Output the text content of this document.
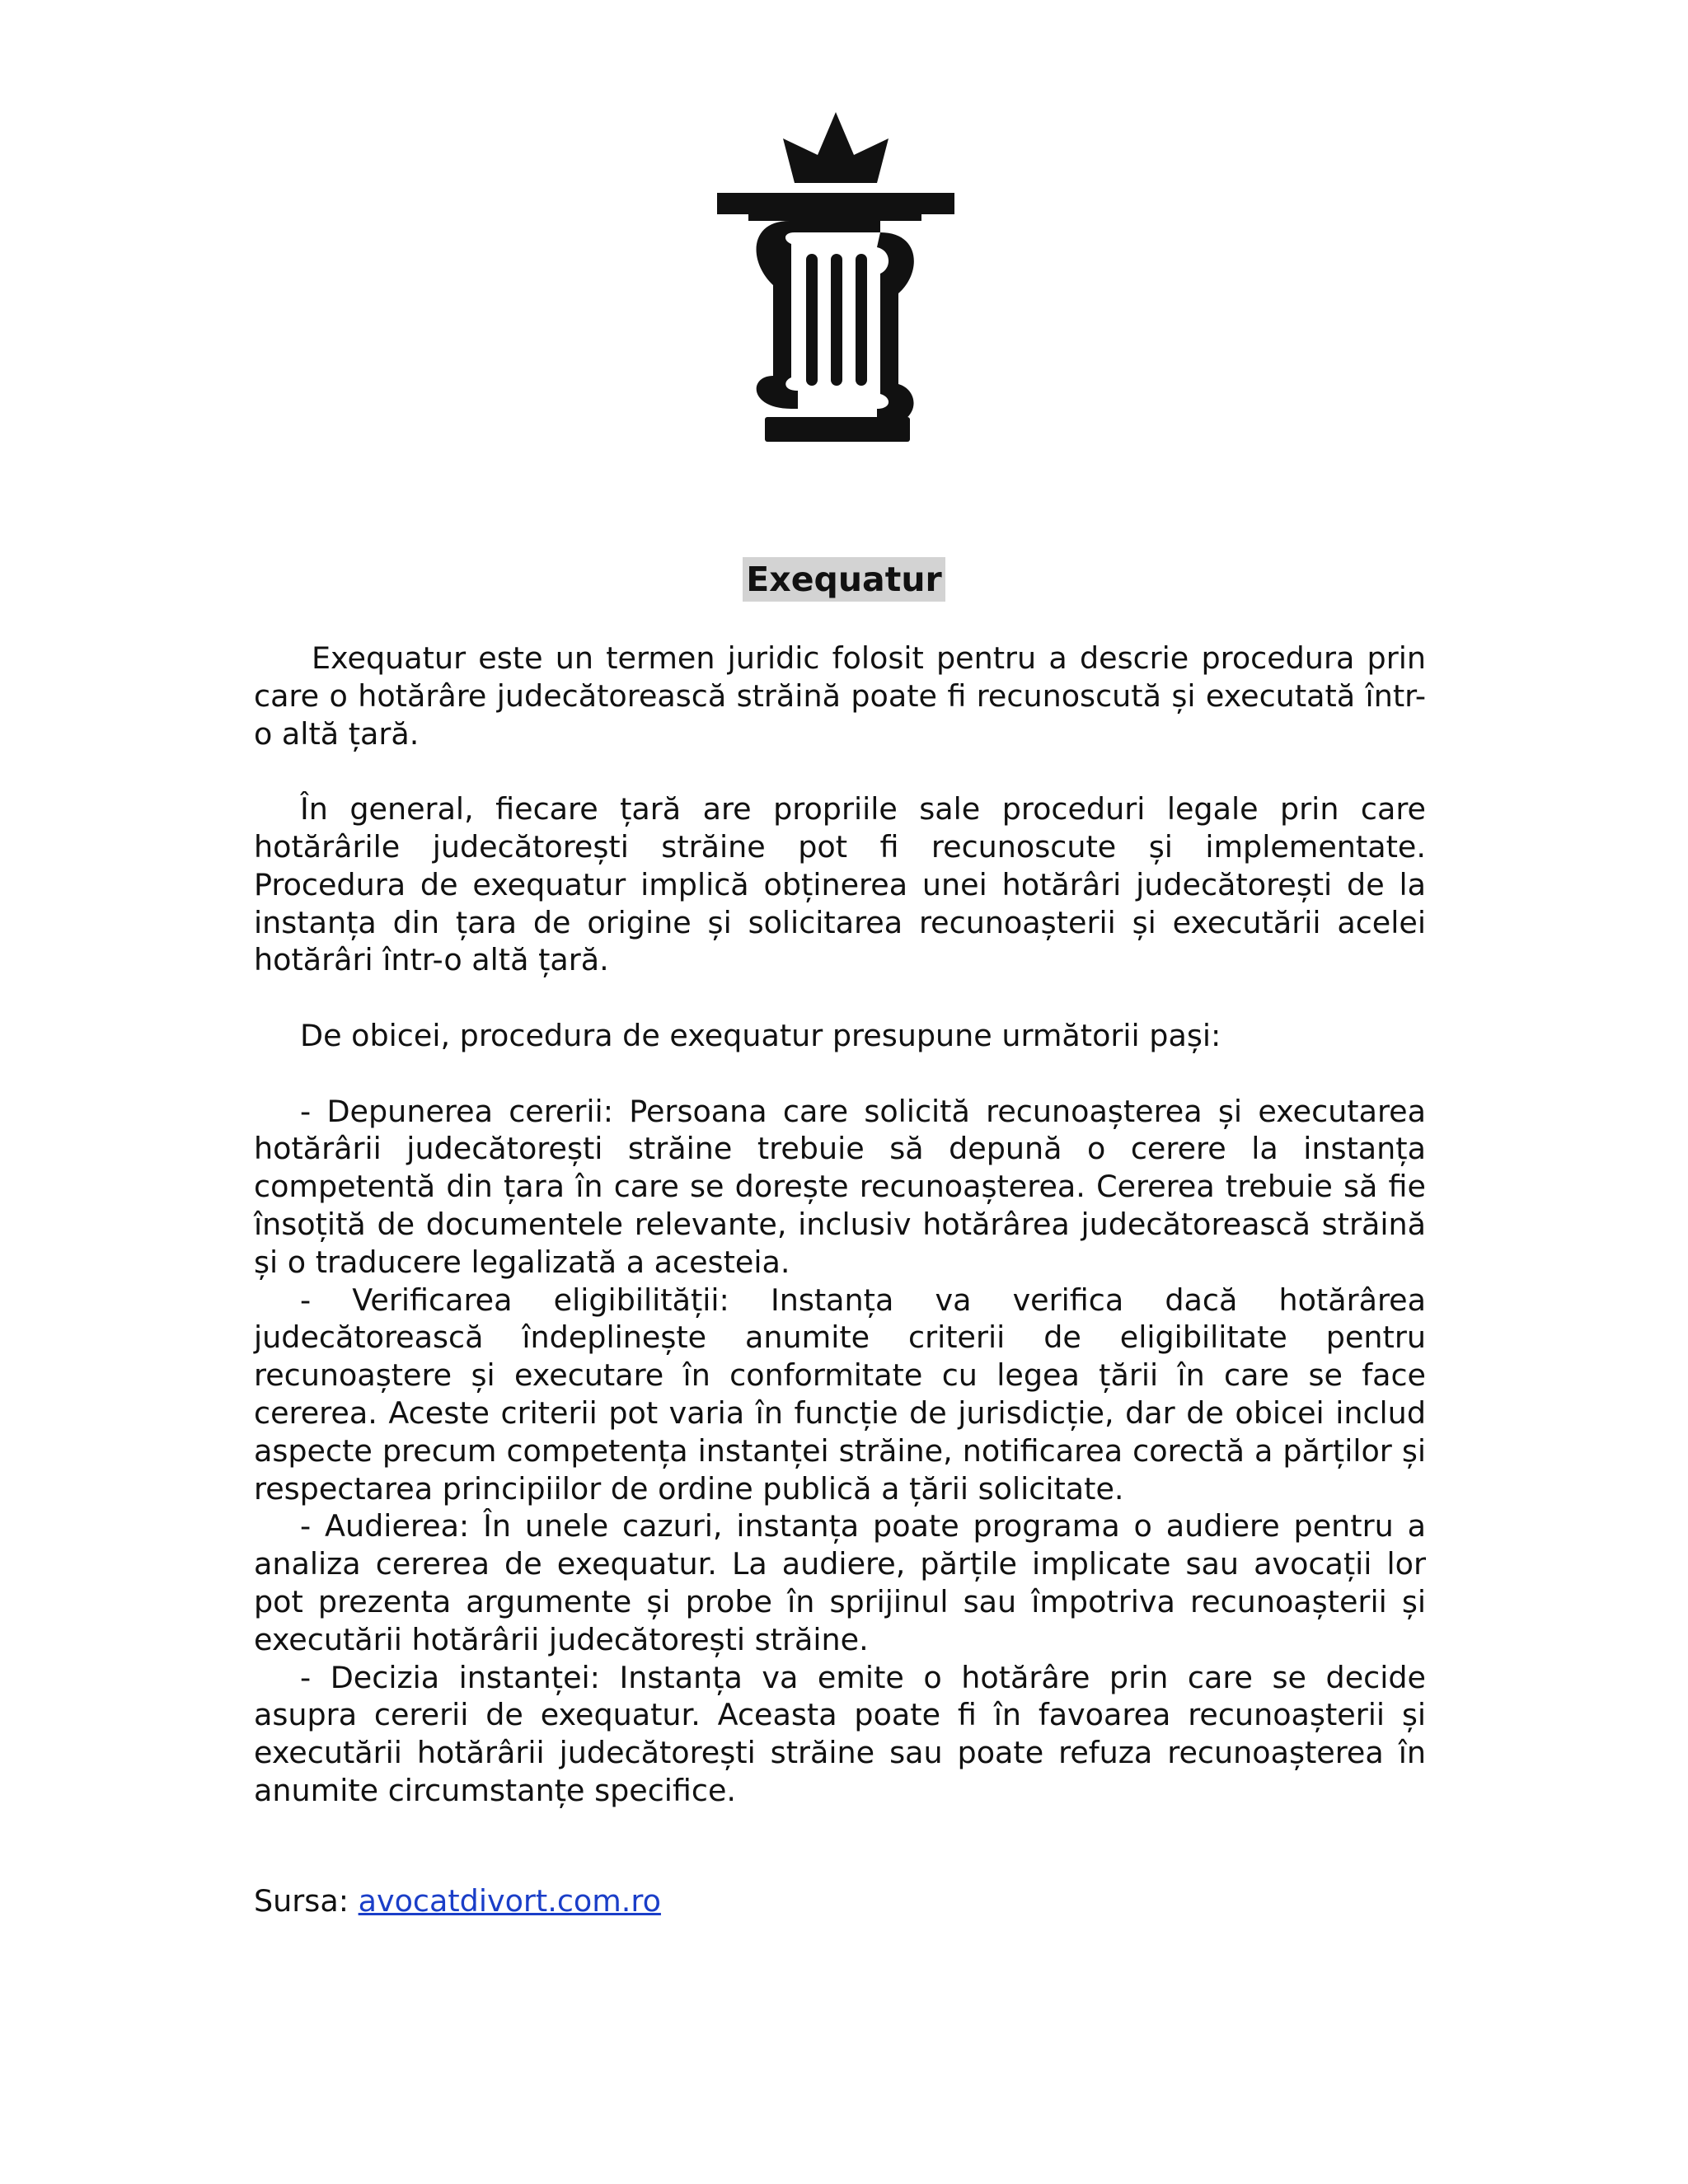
Exequatur

Exequatur este un termen juridic folosit pentru a descrie procedura prin care o hotărâre judecătorească străină poate fi recunoscută și executată într-o altă țară.

În general, fiecare țară are propriile sale proceduri legale prin care hotărârile judecătorești străine pot fi recunoscute și implementate. Procedura de exequatur implică obținerea unei hotărâri judecătorești de la instanța din țara de origine și solicitarea recunoașterii și executării acelei hotărâri într-o altă țară.

De obicei, procedura de exequatur presupune următorii pași:

- Depunerea cererii: Persoana care solicită recunoașterea și executarea hotărârii judecătorești străine trebuie să depună o cerere la instanța competentă din țara în care se dorește recunoașterea. Cererea trebuie să fie însoțită de documentele relevante, inclusiv hotărârea judecătorească străină și o traducere legalizată a acesteia.

- Verificarea eligibilității: Instanța va verifica dacă hotărârea judecătorească îndeplinește anumite criterii de eligibilitate pentru recunoaștere și executare în conformitate cu legea țării în care se face cererea. Aceste criterii pot varia în funcție de jurisdicție, dar de obicei includ aspecte precum competența instanței străine, notificarea corectă a părților și respectarea principiilor de ordine publică a țării solicitate.

- Audierea: În unele cazuri, instanța poate programa o audiere pentru a analiza cererea de exequatur. La audiere, părțile implicate sau avocații lor pot prezenta argumente și probe în sprijinul sau împotriva recunoașterii și executării hotărârii judecătorești străine.

- Decizia instanței: Instanța va emite o hotărâre prin care se decide asupra cererii de exequatur. Aceasta poate fi în favoarea recunoașterii și executării hotărârii judecătorești străine sau poate refuza recunoașterea în anumite circumstanțe specifice.

Sursa: avocatdivort.com.ro
